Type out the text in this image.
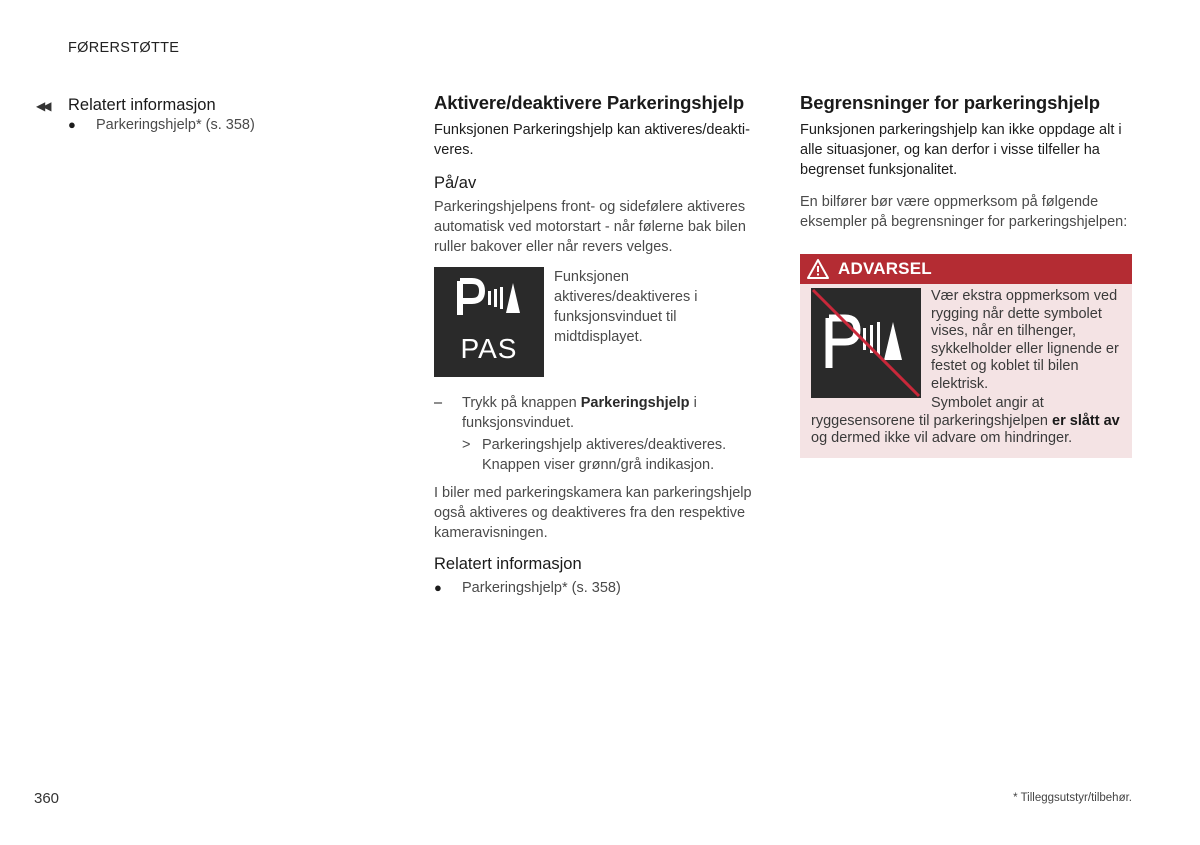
FØRERSTØTTE
◀◀	Relatert informasjon
●	Parkeringshjelp* (s. 358)
Aktivere/deaktivere Parkeringshjelp

Funksjonen Parkeringshjelp kan aktiveres/deakti-veres.

På/av

Parkeringshjelpens front- og sidefølere aktiveres automatisk ved motorstart - når følerne bak bilen ruller bakover eller når revers velges.

PAS

Funksjonen aktiveres/deaktiveres i funksjonsvinduet til midtdisplayet.

–	Trykk på knappen Parkeringshjelp i funksjonsvinduet.
> Parkeringshjelp aktiveres/deaktiveres. Knappen viser grønn/grå indikasjon.

I biler med parkeringskamera kan parkeringshjelp også aktiveres og deaktiveres fra den respektive kameravisningen.

Relatert informasjon
●	Parkeringshjelp* (s. 358)
Begrensninger for parkeringshjelp

Funksjonen parkeringshjelp kan ikke oppdage alt i alle situasjoner, og kan derfor i visse tilfeller ha begrenset funksjonalitet.

En bilfører bør være oppmerksom på følgende eksempler på begrensninger for parkeringshjelpen:

ADVARSEL

Vær ekstra oppmerksom ved rygging når dette symbolet vises, når en tilhenger, sykkelholder eller lignende er festet og koblet til bilen elektrisk.

Symbolet angir at ryggesensorene til parkeringshjelpen er slått av og dermed ikke vil advare om hindringer.

360	* Tilleggsutstyr/tilbehør.
